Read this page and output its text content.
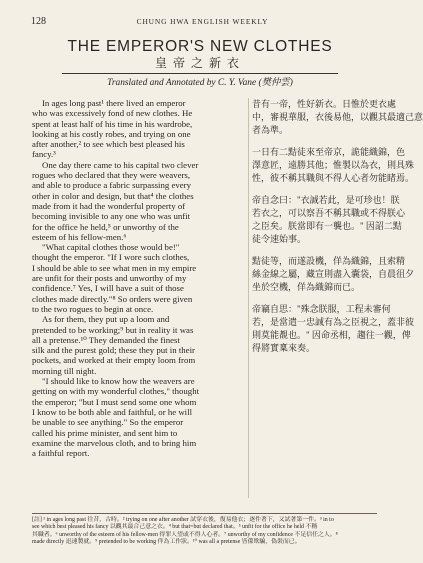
128	CHUNG HWA ENGLISH WEEKLY
THE EMPEROR'S NEW CLOTHES
皇帝之新衣
Translated and Annotated by C. Y. Vane (樊仲雲)
In ages long past¹ there lived an emperor
who was excessively fond of new clothes. He
spent at least half of his time in his wardrobe,
looking at his costly robes, and trying on one
after another,² to see which best pleased his
fancy.³
One day there came to his capital two clever
rogues who declared that they were weavers,
and able to produce a fabric surpassing every
other in color and design, but that⁴ the clothes
made from it had the wonderful property of
becoming invisible to any one who was unfit
for the office he held,⁵ or unworthy of the
esteem of his fellow-men.⁶
"What capital clothes those would be!"
thought the emperor. "If I wore such clothes,
I should be able to see what men in my empire
are unfit for their posts and unworthy of my
confidence.⁷ Yes, I will have a suit of those
clothes made directly."⁸ So orders were given
to the two rogues to begin at once.
As for them, they put up a loom and
pretended to be working;⁹ but in reality it was
all a pretense.¹⁰ They demanded the finest
silk and the purest gold; these they put in their
pockets, and worked at their empty loom from
morning till night.
"I should like to know how the weavers are
getting on with my wonderful clothes," thought
the emperor; "but I must send some one whom
I know to be both able and faithful, or he will
be unable to see anything." So the emperor
called his prime minister, and sent him to
examine the marvelous cloth, and to bring him
a faithful report.
昔有一帝，性好新衣。日惟於更衣處
中，審視華服，衣後易他，以觀其最適己意
者為準。
一日有二黠徒來至帝京，詭能織錦，色
澤意匠，遠勝其他；惟製以為衣，則具殊
性，彼不稱其職與不得人心者勿能睹焉。
帝自念曰："衣誠若此，是可珍也！朕
若衣之，可以察吾不稱其職或不得朕心
之臣矣。朕當即有一襲也。" 因詔二黠
徒令速始事。
黠徒等，而遂設機，佯為織錦，且索精
絲金線之屬，藏宣則盡入囊袋，自晨徂夕
坐於空機，佯為織錦而已。
帝竊自思："殊念朕服，工程未審何
若，是當遣一忠誠有為之臣視之，蓋非彼
則莫能覩也。" 因命丞相，趨往一觀，俾
得將實稟來奏。
[註] ¹ in ages long past 往昔，古時。² trying on one after another 試穿衣後，復易他衣；逐件著下，又試著第一件。³ in to
see which best pleased his fancy 以觀其最合己意之衣。⁴ but that=but declared that。⁵ unfit for the office he held 不稱
其職者。⁶ unworthy of the esteem of his fellow-men 得罪人望或不得人心者。⁷ unworthy of my confidence 不足信任之人。⁸
made directly 迅速製就。⁹ pretended to be working 佯為工作狀。¹⁰ was all a pretense 皆係欺騙，偽裝而已。
